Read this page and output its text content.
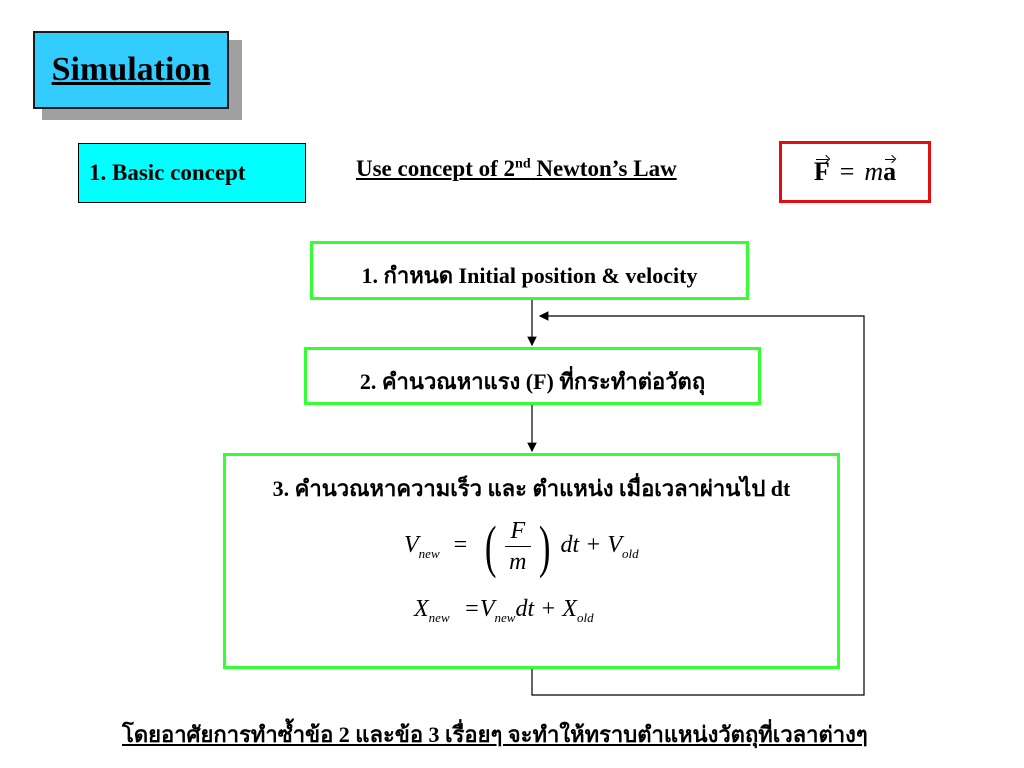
Simulation
1. Basic concept	Use concept of 2nd Newton’s Law	F = m a
1. กำหนด Initial position & velocity
2. คำนวณหาแรง (F) ที่กระทำต่อวัตถุ
3. คำนวณหาความเร็ว และ ตำแหน่ง เมื่อเวลาผ่านไป dt
$V_{new}$ = ( $\frac{F}{m}$ ) dt + $V_{old}$
$X_{new} =V_{new}dt + X_{old}$
โดยอาศัยการทำซ้ำข้อ 2 และข้อ 3 เรื่อยๆ จะทำให้ทราบตำแหน่งวัตถุที่เวลาต่างๆ
